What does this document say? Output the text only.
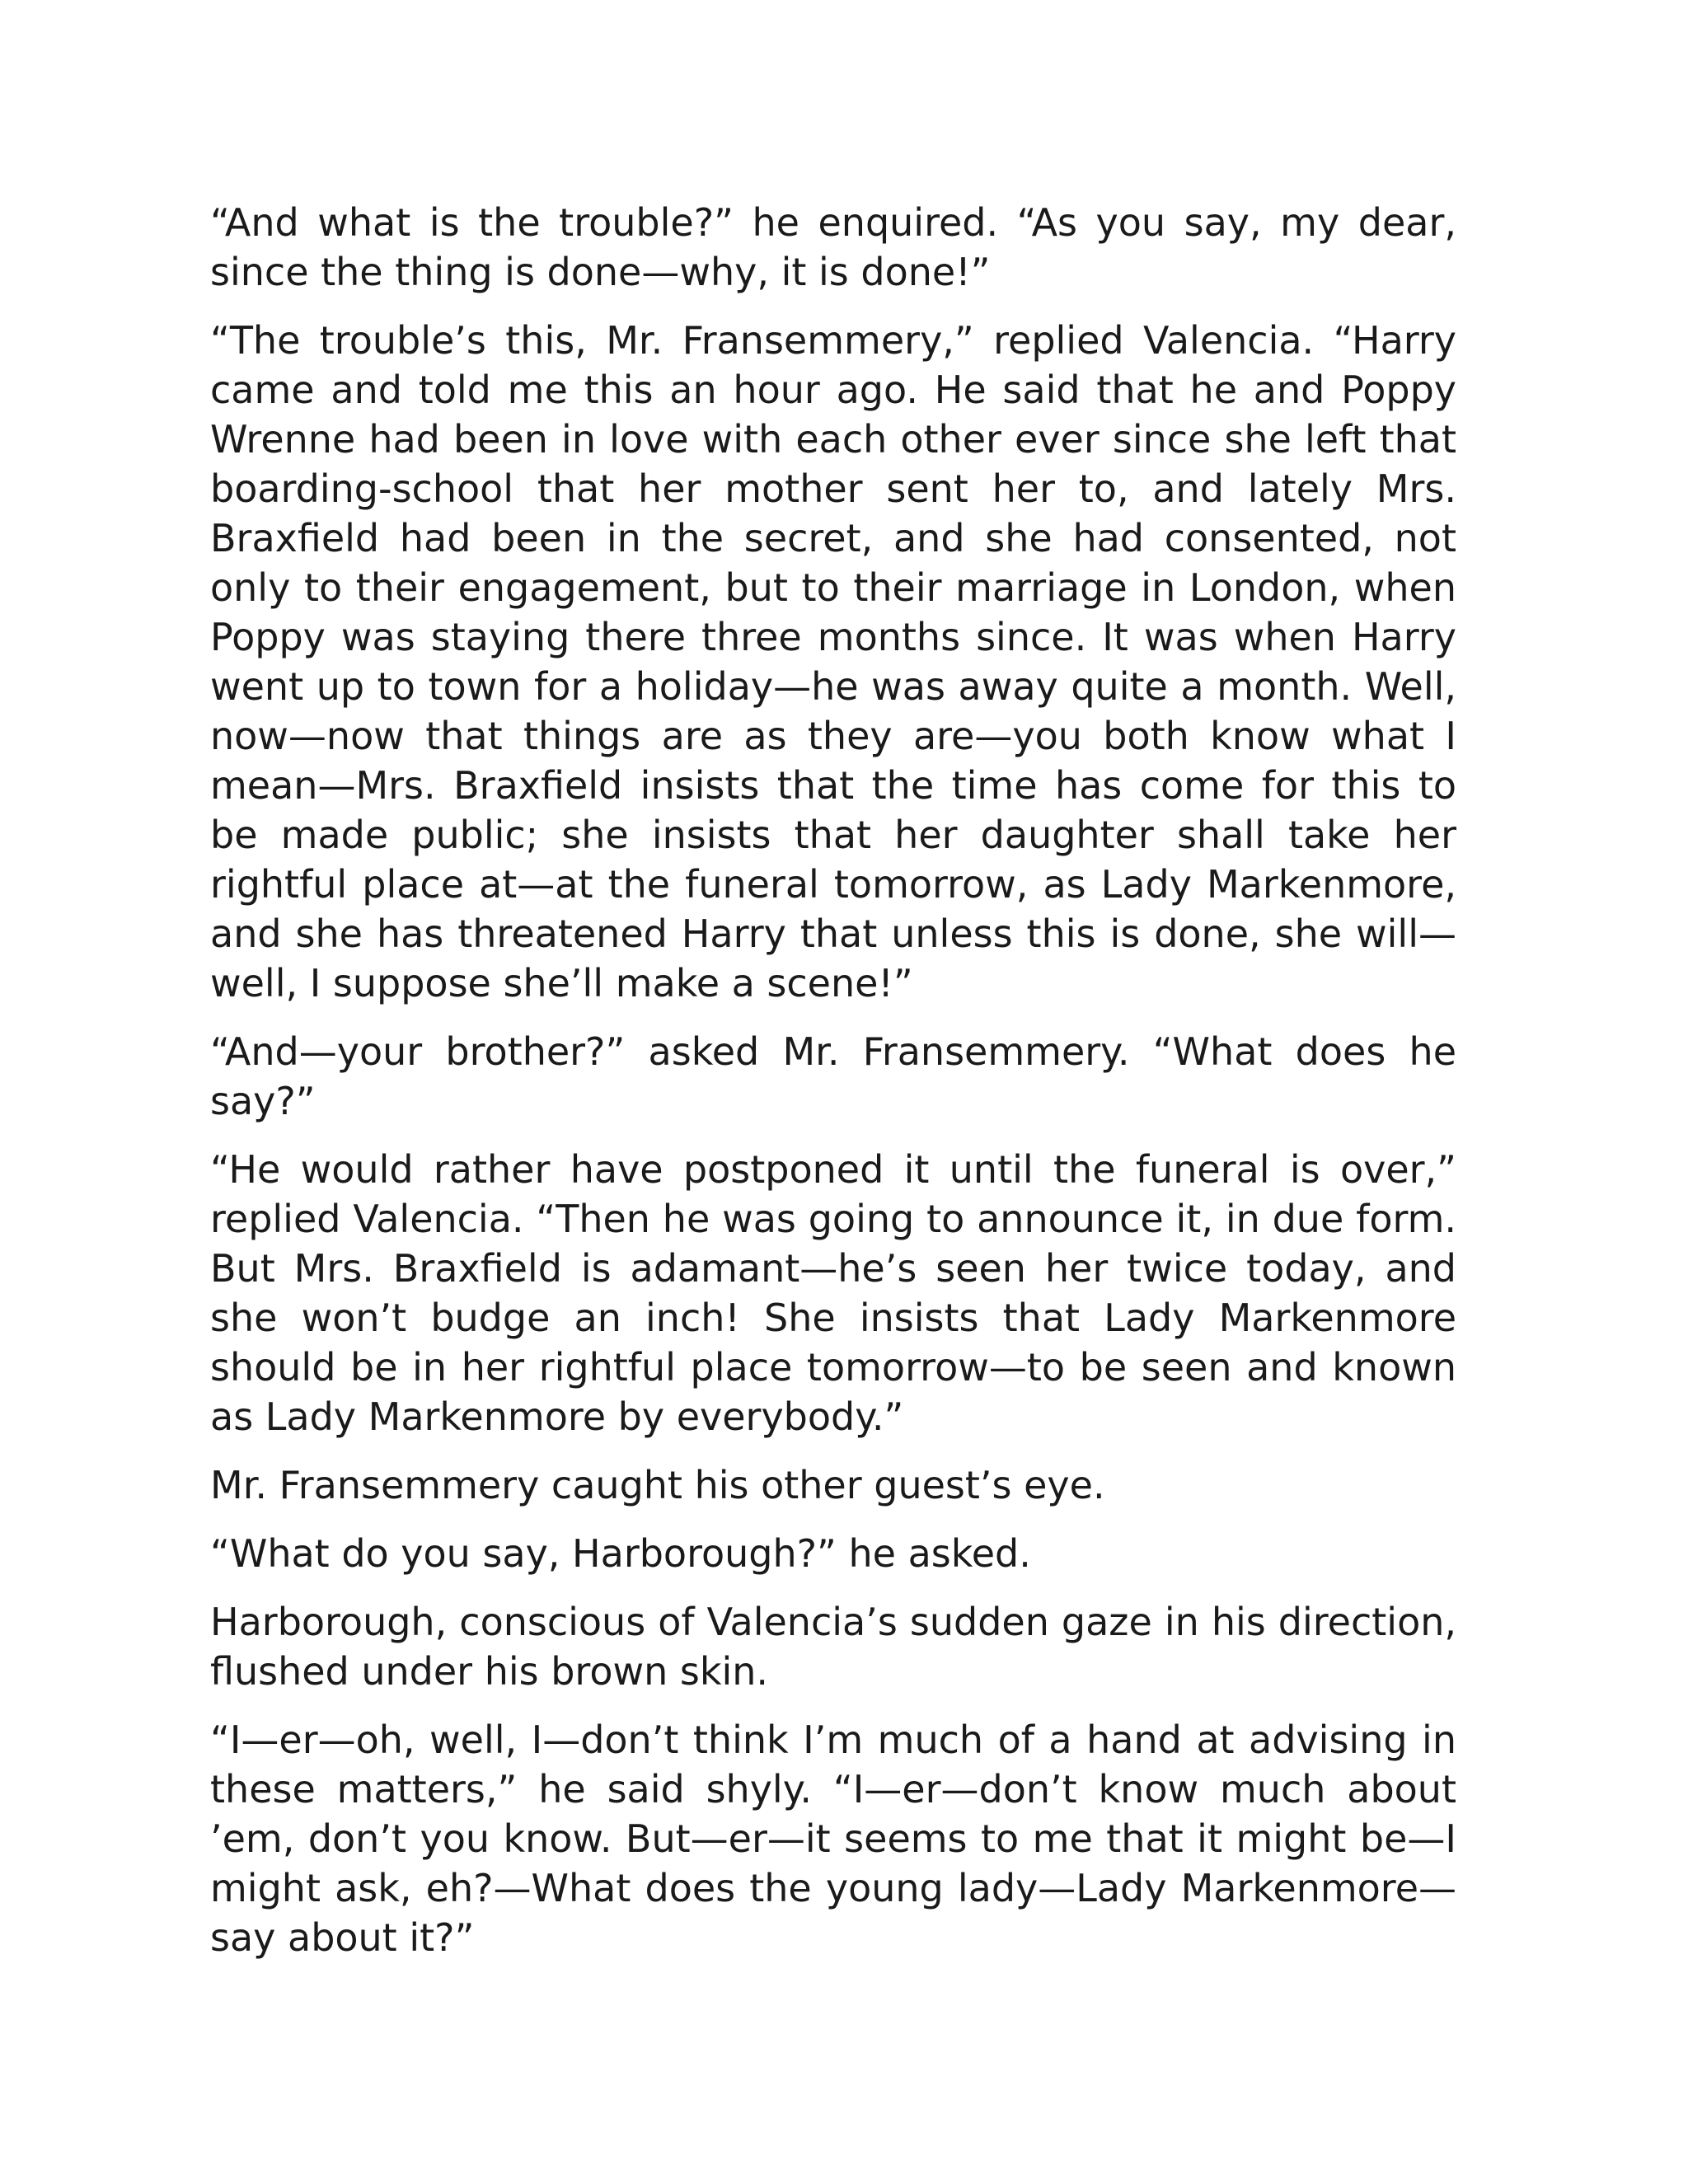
“And what is the trouble?” he enquired. “As you say, my dear, since the thing is done—why, it is done!”

“The trouble’s this, Mr. Fransemmery,” replied Valencia. “Harry came and told me this an hour ago. He said that he and Poppy Wrenne had been in love with each other ever since she left that boarding-school that her mother sent her to, and lately Mrs. Braxfield had been in the secret, and she had consented, not only to their engagement, but to their marriage in London, when Poppy was staying there three months since. It was when Harry went up to town for a holiday—he was away quite a month. Well, now—now that things are as they are—you both know what I mean—Mrs. Braxfield insists that the time has come for this to be made public; she insists that her daughter shall take her rightful place at—at the funeral tomorrow, as Lady Markenmore, and she has threatened Harry that unless this is done, she will—well, I suppose she’ll make a scene!”

“And—your brother?” asked Mr. Fransemmery. “What does he say?”

“He would rather have postponed it until the funeral is over,” replied Valencia. “Then he was going to announce it, in due form. But Mrs. Braxfield is adamant—he’s seen her twice today, and she won’t budge an inch! She insists that Lady Markenmore should be in her rightful place tomorrow—to be seen and known as Lady Markenmore by everybody.”

Mr. Fransemmery caught his other guest’s eye.

“What do you say, Harborough?” he asked.

Harborough, conscious of Valencia’s sudden gaze in his direction, flushed under his brown skin.

“I—er—oh, well, I—don’t think I’m much of a hand at advising in these matters,” he said shyly. “I—er—don’t know much about ’em, don’t you know. But—er—it seems to me that it might be—I might ask, eh?—What does the young lady—Lady Markenmore—say about it?”
